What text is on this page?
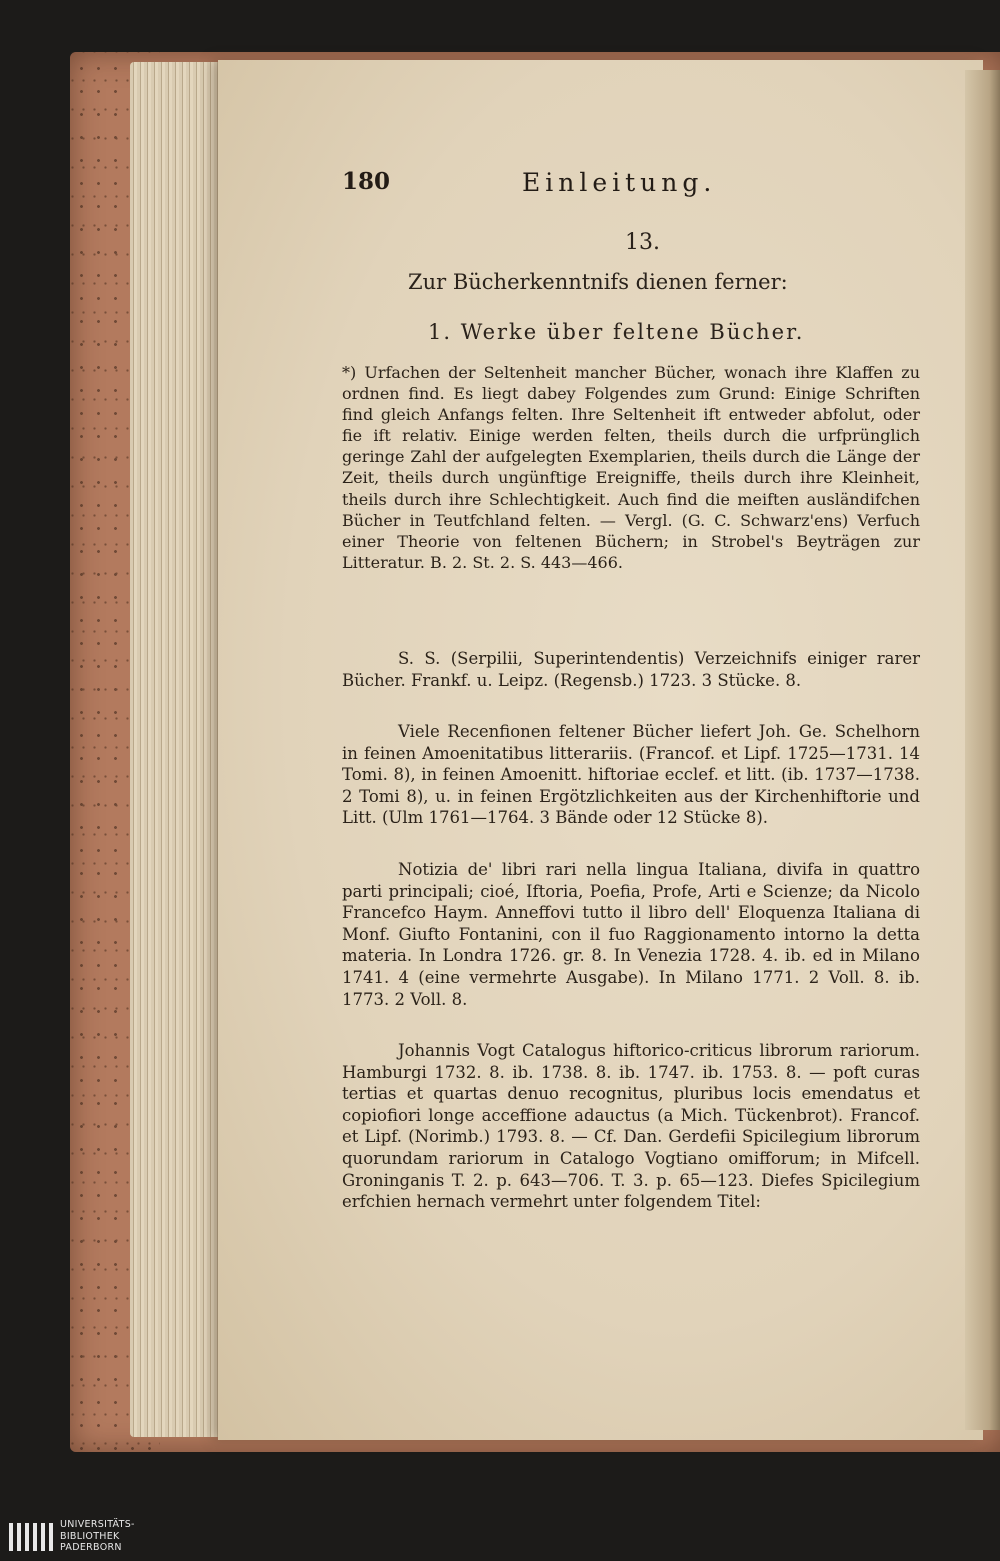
180	Einleitung.
13.
Zur Bücherkenntnifs dienen ferner:
1. Werke über feltene Bücher.

*) Urfachen der Seltenheit mancher Bücher, wonach ihre Klaffen zu ordnen find. Es liegt dabey Folgendes zum Grund: Einige Schriften find gleich Anfangs felten. Ihre Seltenheit ift entweder abfolut, oder fie ift relativ. Einige werden felten, theils durch die urfprünglich geringe Zahl der aufgelegten Exemplarien, theils durch die Länge der Zeit, theils durch ungünftige Ereigniffe, theils durch ihre Kleinheit, theils durch ihre Schlechtigkeit. Auch find die meiften ausländifchen Bücher in Teutfchland felten. — Vergl. (G. C. Schwarz'ens) Verfuch einer Theorie von feltenen Büchern; in Strobel's Beyträgen zur Litteratur. B. 2. St. 2. S. 443—466.

S. S. (Serpilii, Superintendentis) Verzeichnifs einiger rarer Bücher. Frankf. u. Leipz. (Regensb.) 1723. 3 Stücke. 8.

Viele Recenfionen feltener Bücher liefert Joh. Ge. Schelhorn in feinen Amoenitatibus litterariis. (Francof. et Lipf. 1725—1731. 14 Tomi. 8), in feinen Amoenitt. hiftoriae ecclef. et litt. (ib. 1737—1738. 2 Tomi 8), u. in feinen Ergötzlichkeiten aus der Kirchenhiftorie und Litt. (Ulm 1761—1764. 3 Bände oder 12 Stücke 8).

Notizia de' libri rari nella lingua Italiana, divifa in quattro parti principali; cioé, Iftoria, Poefia, Profe, Arti e Scienze; da Nicolo Francefco Haym. Anneffovi tutto il libro dell' Eloquenza Italiana di Monf. Giufto Fontanini, con il fuo Raggionamento intorno la detta materia. In Londra 1726. gr. 8. In Venezia 1728. 4. ib. ed in Milano 1741. 4 (eine vermehrte Ausgabe). In Milano 1771. 2 Voll. 8. ib. 1773. 2 Voll. 8.

Johannis Vogt Catalogus hiftorico-criticus librorum rariorum. Hamburgi 1732. 8. ib. 1738. 8. ib. 1747. ib. 1753. 8. — poft curas tertias et quartas denuo recognitus, pluribus locis emendatus et copiofiori longe acceffione adauctus (a Mich. Tückenbrot). Francof. et Lipf. (Norimb.) 1793. 8. — Cf. Dan. Gerdefii Spicilegium librorum quorundam rariorum in Catalogo Vogtiano omifforum; in Mifcell. Groninganis T. 2. p. 643—706. T. 3. p. 65—123. Diefes Spicilegium erfchien hernach vermehrt unter folgendem Titel:

UNIVERSITÄTS-
BIBLIOTHEK
PADERBORN
